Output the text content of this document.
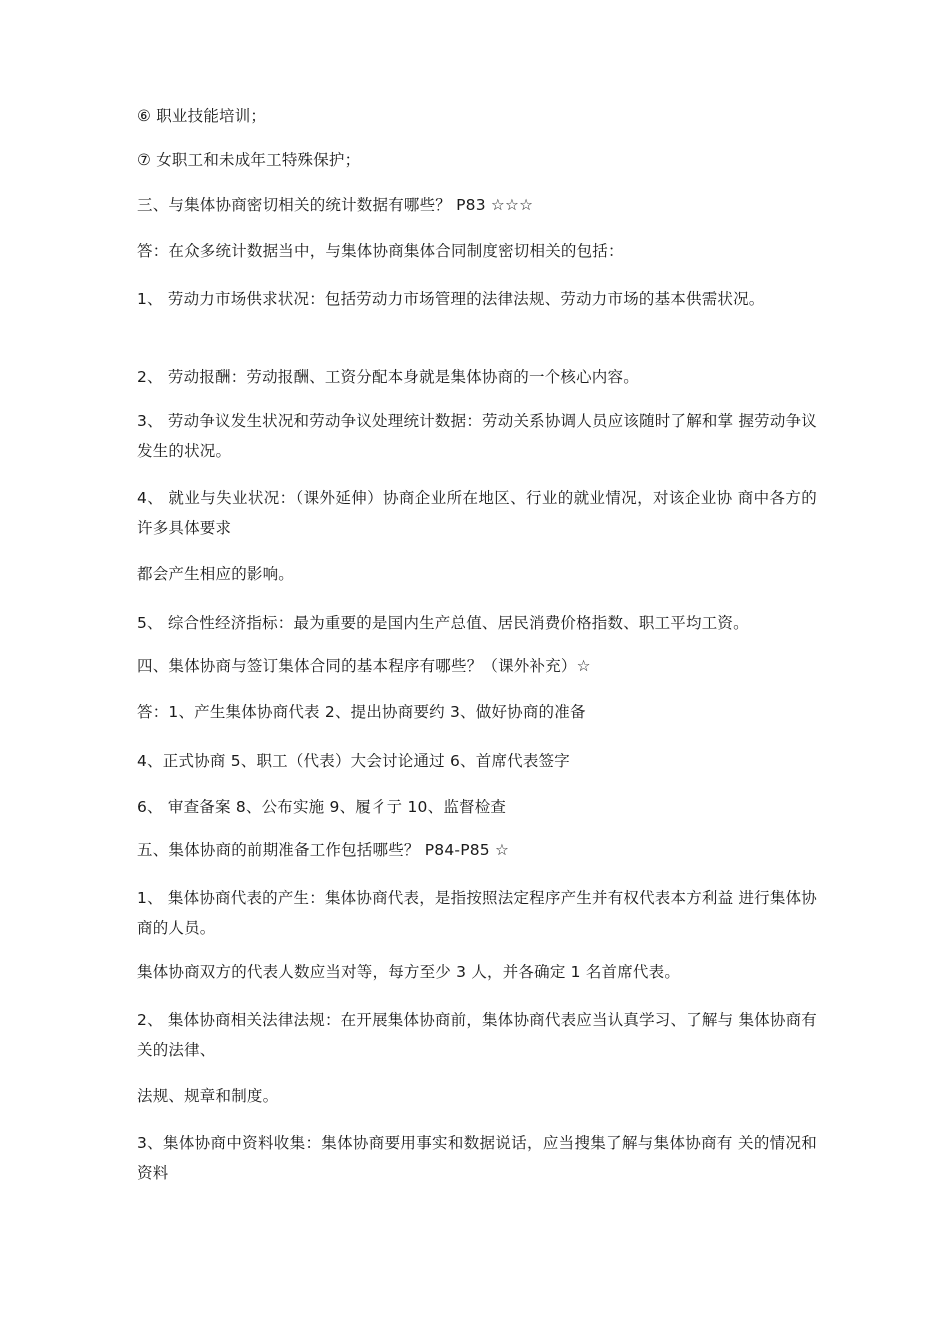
⑥ 职业技能培训；

⑦ 女职工和未成年工特殊保护；

三、与集体协商密切相关的统计数据有哪些？ P83 ☆☆☆

答：在众多统计数据当中，与集体协商集体合同制度密切相关的包括：

1、 劳动力市场供求状况：包括劳动力市场管理的法律法规、劳动力市场的基本供需状况。

2、 劳动报酬：劳动报酬、工资分配本身就是集体协商的一个核心内容。

3、 劳动争议发生状况和劳动争议处理统计数据：劳动关系协调人员应该随时了解和掌 握劳动争议发生的状况。

4、 就业与失业状况：（课外延伸）协商企业所在地区、行业的就业情况，对该企业协 商中各方的许多具体要求

都会产生相应的影响。

5、 综合性经济指标：最为重要的是国内生产总值、居民消费价格指数、职工平均工资。

四、集体协商与签订集体合同的基本程序有哪些？（课外补充）☆

答：1、产生集体协商代表 2、提出协商要约 3、做好协商的准备

4、正式协商 5、职工（代表）大会讨论通过 6、首席代表签字

6、 审查备案 8、公布实施 9、履彳亍 10、监督检查

五、集体协商的前期准备工作包括哪些？ P84-P85 ☆

1、 集体协商代表的产生：集体协商代表，是指按照法定程序产生并有权代表本方利益 进行集体协商的人员。

集体协商双方的代表人数应当对等，每方至少 3 人，并各确定 1 名首席代表。

2、 集体协商相关法律法规：在开展集体协商前，集体协商代表应当认真学习、了解与 集体协商有关的法律、

法规、规章和制度。

3、集体协商中资料收集：集体协商要用事实和数据说话，应当搜集了解与集体协商有 关的情况和资料
